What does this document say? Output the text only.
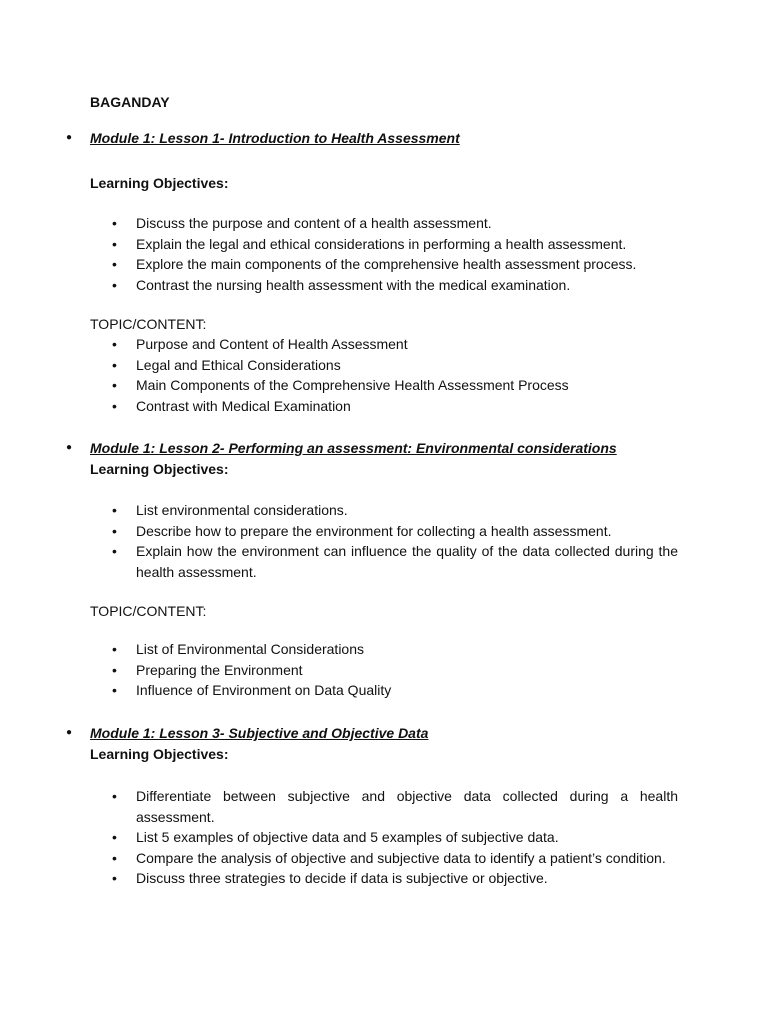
BAGANDAY
● Module 1: Lesson 1- Introduction to Health Assessment
Learning Objectives:
• Discuss the purpose and content of a health assessment.
• Explain the legal and ethical considerations in performing a health assessment.
• Explore the main components of the comprehensive health assessment process.
• Contrast the nursing health assessment with the medical examination.
TOPIC/CONTENT:
• Purpose and Content of Health Assessment
• Legal and Ethical Considerations
• Main Components of the Comprehensive Health Assessment Process
• Contrast with Medical Examination
● Module 1: Lesson 2- Performing an assessment: Environmental considerations
Learning Objectives:
• List environmental considerations.
• Describe how to prepare the environment for collecting a health assessment.
• Explain how the environment can influence the quality of the data collected during the health assessment.
TOPIC/CONTENT:
• List of Environmental Considerations
• Preparing the Environment
• Influence of Environment on Data Quality
● Module 1: Lesson 3- Subjective and Objective Data
Learning Objectives:
• Differentiate between subjective and objective data collected during a health assessment.
• List 5 examples of objective data and 5 examples of subjective data.
• Compare the analysis of objective and subjective data to identify a patient’s condition.
• Discuss three strategies to decide if data is subjective or objective.
